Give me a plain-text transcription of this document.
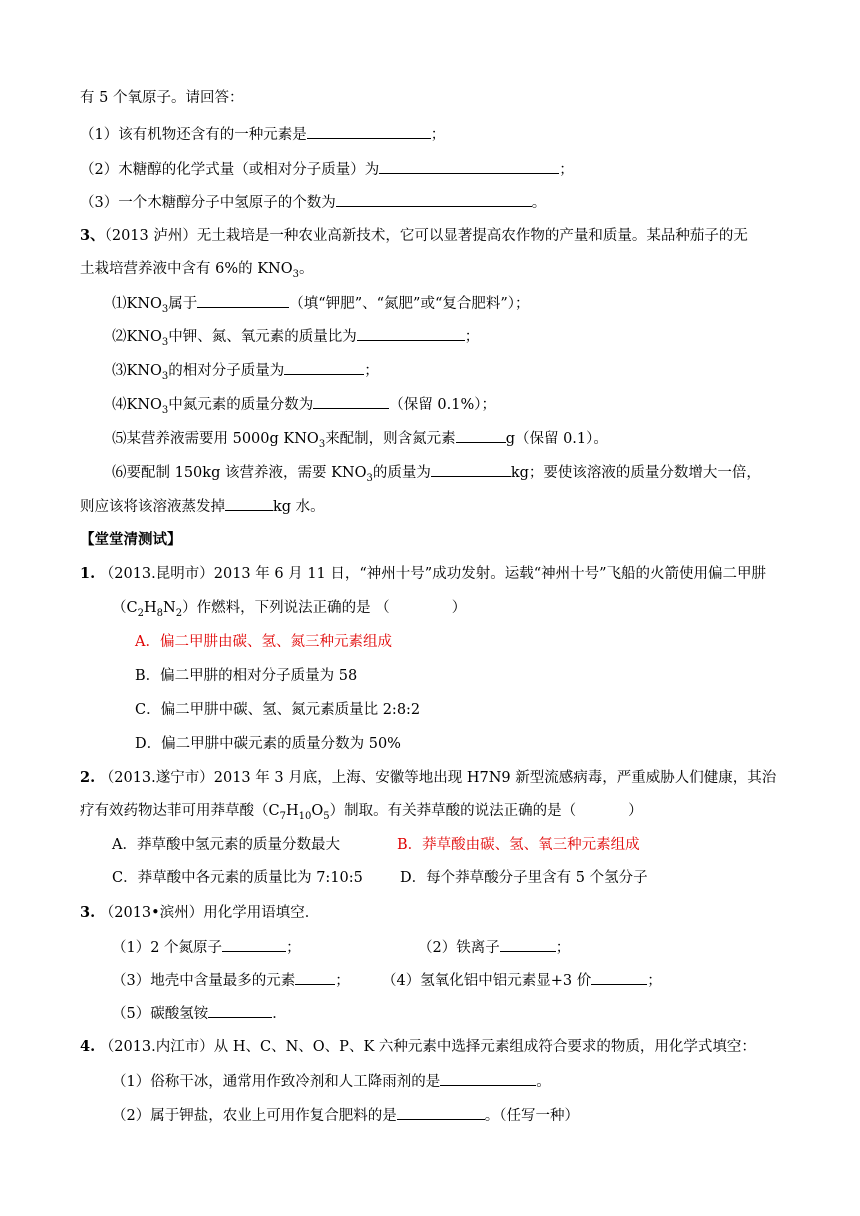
有 5 个氧原子。请回答：
（1）该有机物还含有的一种元素是	；
（2）木糖醇的化学式量（或相对分子质量）为	；
（3）一个木糖醇分子中氢原子的个数为	。
3、（2013 泸州）无土栽培是一种农业高新技术，它可以显著提高农作物的产量和质量。某品种茄子的无
土栽培营养液中含有 6%的 $KNO_3$。
$⑴KNO_3$属于	（填“钾肥”、“氮肥”或“复合肥料”）；
$⑵KNO_3$中钾、氮、氧元素的质量比为	；
$⑶KNO_3$的相对分子质量为	；
$⑷KNO_3$中氮元素的质量分数为	（保留 0.1%）；
⑸某营养液需要用 5000g $KNO_3$来配制，则含氮元素	g（保留 0.1）。
⑹要配制 150kg 该营养液，需要 $KNO_3$的质量为	kg；要使该溶液的质量分数增大一倍，
则应该将该溶液蒸发掉	kg 水。
【堂堂清测试】
1. （2013.昆明市）2013 年 6 月 11 日，“神州十号”成功发射。运载“神州十号”飞船的火箭使用偏二甲肼
$(C_2H_8N_2)$作燃料，下列说法正确的是 （	）
A．偏二甲肼由碳、氢、氮三种元素组成
B．偏二甲肼的相对分子质量为 58
C．偏二甲肼中碳、氢、氮元素质量比 2:8:2
D．偏二甲肼中碳元素的质量分数为 50%
2. （2013.遂宁市）2013 年 3 月底，上海、安徽等地出现 H7N9 新型流感病毒，严重威胁人们健康，其治
疗有效药物达菲可用莽草酸$(C_7H_{10}O_5)$制取。有关莽草酸的说法正确的是（	）
A．莽草酸中氢元素的质量分数最大	B．莽草酸由碳、氢、氧三种元素组成
C．莽草酸中各元素的质量比为 7:10:5	D．每个莽草酸分子里含有 5 个氢分子
3. （2013•滨州）用化学用语填空．
（1）2 个氮原子	；	（2）铁离子	；
（3）地壳中含量最多的元素	； （4）氢氧化铝中铝元素显+3 价	；
（5）碳酸氢铵	．
4. （2013.内江市）从 H、C、N、O、P、K 六种元素中选择元素组成符合要求的物质，用化学式填空：
（1）俗称干冰，通常用作致冷剂和人工降雨剂的是	。
（2）属于钾盐，农业上可用作复合肥料的是	。（任写一种）
